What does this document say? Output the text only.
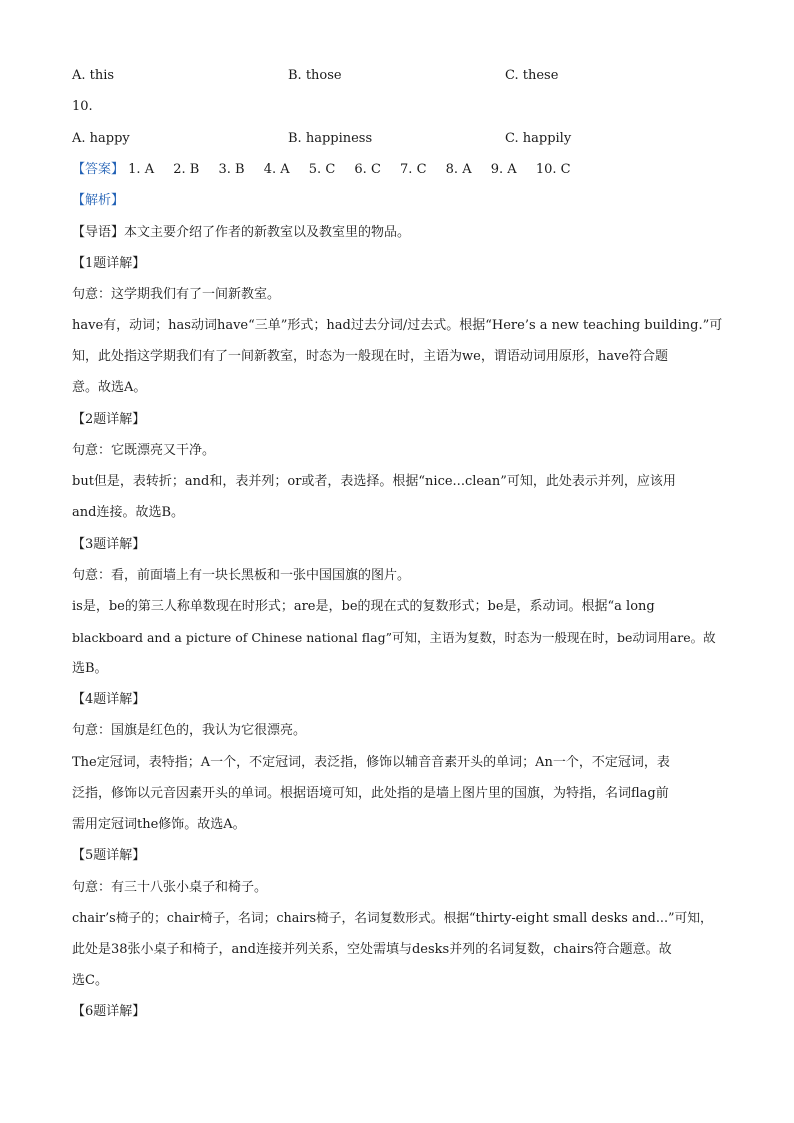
A. this	B. those	C. these
10.
A. happy	B. happiness	C. happily
【答案】 1. A 2. B 3. B 4. A 5. C 6. C 7. C 8. A 9. A 10. C
【解析】
【导语】本文主要介绍了作者的新教室以及教室里的物品。
【1题详解】
句意：这学期我们有了一间新教室。
have有，动词；has动词have“三单”形式；had过去分词/过去式。根据“Here’s a new teaching building.”可
知，此处指这学期我们有了一间新教室，时态为一般现在时，主语为we，谓语动词用原形，have符合题
意。故选A。
【2题详解】
句意：它既漂亮又干净。
but但是，表转折；and和，表并列；or或者，表选择。根据“nice...clean”可知，此处表示并列，应该用
and连接。故选B。
【3题详解】
句意：看，前面墙上有一块长黑板和一张中国国旗的图片。
is是，be的第三人称单数现在时形式；are是，be的现在式的复数形式；be是，系动词。根据“a long
blackboard and a picture of Chinese national flag”可知，主语为复数，时态为一般现在时，be动词用are。故
选B。
【4题详解】
句意：国旗是红色的，我认为它很漂亮。
The定冠词，表特指；A一个，不定冠词，表泛指，修饰以辅音音素开头的单词；An一个，不定冠词，表
泛指，修饰以元音因素开头的单词。根据语境可知，此处指的是墙上图片里的国旗，为特指，名词flag前
需用定冠词the修饰。故选A。
【5题详解】
句意：有三十八张小桌子和椅子。
chair’s椅子的；chair椅子，名词；chairs椅子，名词复数形式。根据“thirty-eight small desks and...”可知，
此处是38张小桌子和椅子，and连接并列关系，空处需填与desks并列的名词复数，chairs符合题意。故
选C。
【6题详解】
